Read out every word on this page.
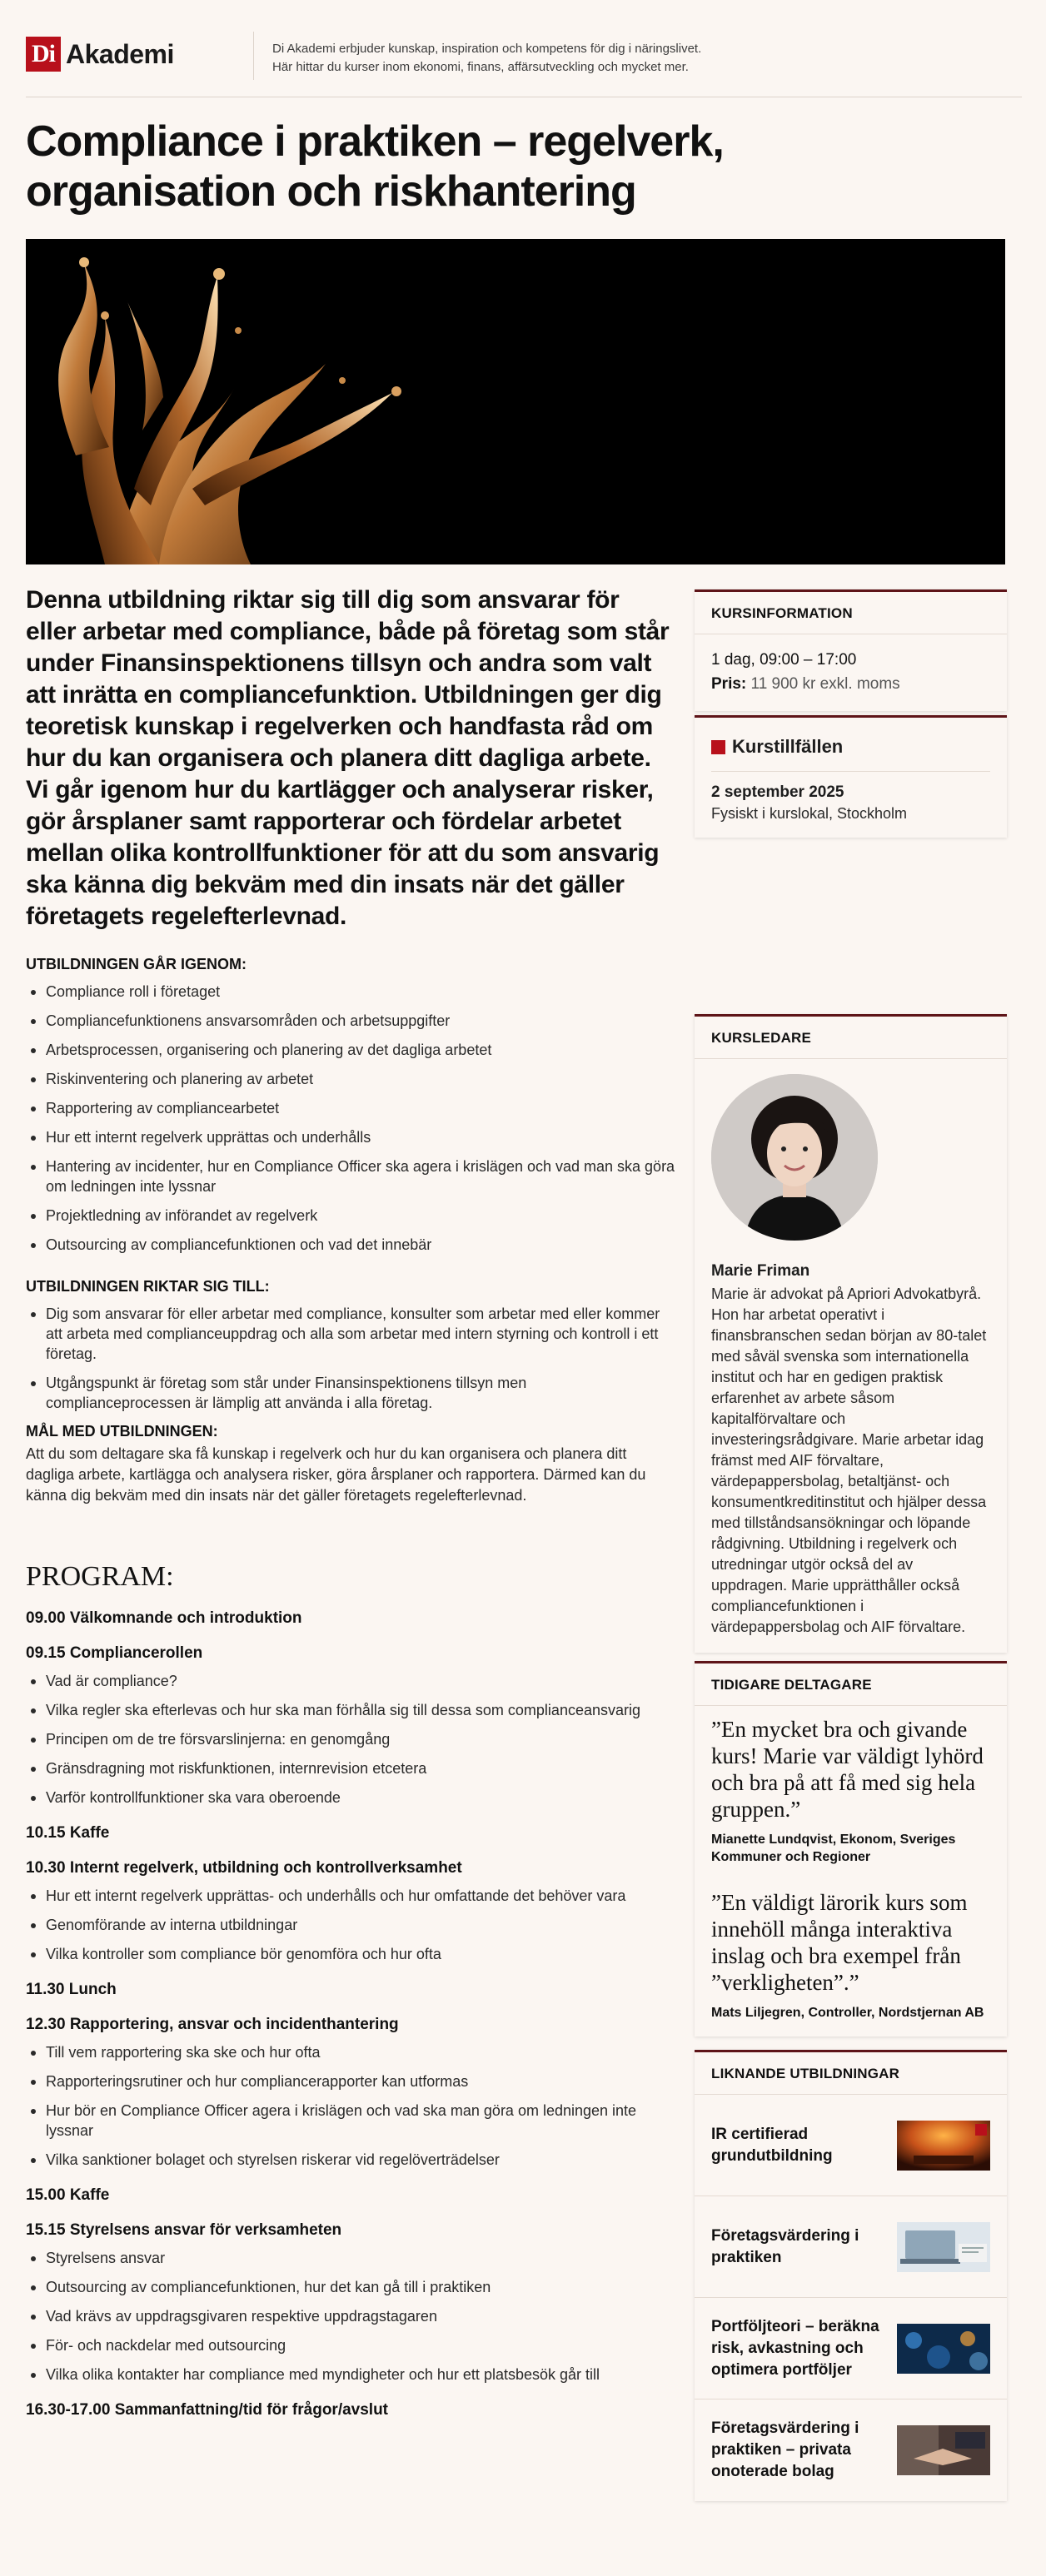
Di Akademi	Di Akademi erbjuder kunskap, inspiration och kompetens för dig i näringslivet.
Här hittar du kurser inom ekonomi, finans, affärsutveckling och mycket mer.
Compliance i praktiken – regelverk, organisation och riskhantering

Denna utbildning riktar sig till dig som ansvarar för eller arbetar med compliance, både på företag som står under Finansinspektionens tillsyn och andra som valt att inrätta en compliancefunktion. Utbildningen ger dig teoretisk kunskap i regelverken och handfasta råd om hur du kan organisera och planera ditt dagliga arbete. Vi går igenom hur du kartlägger och analyserar risker, gör årsplaner samt rapporterar och fördelar arbetet mellan olika kontrollfunktioner för att du som ansvarig ska känna dig bekväm med din insats när det gäller företagets regelefterlevnad.

UTBILDNINGEN GÅR IGENOM:
Compliance roll i företaget
Compliancefunktionens ansvarsområden och arbetsuppgifter
Arbetsprocessen, organisering och planering av det dagliga arbetet
Riskinventering och planering av arbetet
Rapportering av compliancearbetet
Hur ett internt regelverk upprättas och underhålls
Hantering av incidenter, hur en Compliance Officer ska agera i krislägen och vad man ska göra om ledningen inte lyssnar
Projektledning av införandet av regelverk
Outsourcing av compliancefunktionen och vad det innebär
UTBILDNINGEN RIKTAR SIG TILL:
Dig som ansvarar för eller arbetar med compliance, konsulter som arbetar med eller kommer att arbeta med complianceuppdrag och alla som arbetar med intern styrning och kontroll i ett företag.
Utgångspunkt är företag som står under Finansinspektionens tillsyn men complianceprocessen är lämplig att använda i alla företag.
MÅL MED UTBILDNINGEN:

Att du som deltagare ska få kunskap i regelverk och hur du kan organisera och planera ditt dagliga arbete, kartlägga och analysera risker, göra årsplaner och rapportera. Därmed kan du känna dig bekväm med din insats när det gäller företagets regelefterlevnad.

PROGRAM:
09.00 Välkomnande och introduktion
09.15 Compliancerollen
Vad är compliance?
Vilka regler ska efterlevas och hur ska man förhålla sig till dessa som complianceansvarig
Principen om de tre försvarslinjerna: en genomgång
Gränsdragning mot riskfunktionen, internrevision etcetera
Varför kontrollfunktioner ska vara oberoende
10.15 Kaffe
10.30 Internt regelverk, utbildning och kontrollverksamhet
Hur ett internt regelverk upprättas- och underhålls och hur omfattande det behöver vara
Genomförande av interna utbildningar
Vilka kontroller som compliance bör genomföra och hur ofta
11.30 Lunch
12.30 Rapportering, ansvar och incidenthantering
Till vem rapportering ska ske och hur ofta
Rapporteringsrutiner och hur compliancerapporter kan utformas
Hur bör en Compliance Officer agera i krislägen och vad ska man göra om ledningen inte lyssnar
Vilka sanktioner bolaget och styrelsen riskerar vid regelöverträdelser
15.00 Kaffe
15.15 Styrelsens ansvar för verksamheten
Styrelsens ansvar
Outsourcing av compliancefunktionen, hur det kan gå till i praktiken
Vad krävs av uppdragsgivaren respektive uppdragstagaren
För- och nackdelar med outsourcing
Vilka olika kontakter har compliance med myndigheter och hur ett platsbesök går till
16.30-17.00 Sammanfattning/tid för frågor/avslut
KURSINFORMATION
1 dag, 09:00 – 17:00
Pris: 11 900 kr exkl. moms
Kurstillfällen
2 september 2025
Fysiskt i kurslokal, Stockholm
KURSLEDARE
Marie Friman
Marie är advokat på Apriori Advokatbyrå. Hon har arbetat operativt i finansbranschen sedan början av 80-talet med såväl svenska som internationella institut och har en gedigen praktisk erfarenhet av arbete såsom kapitalförvaltare och investeringsrådgivare. Marie arbetar idag främst med AIF förvaltare, värdepappersbolag, betaltjänst- och konsumentkreditinstitut och hjälper dessa med tillståndsansökningar och löpande rådgivning. Utbildning i regelverk och utredningar utgör också del av uppdragen. Marie upprätthåller också compliancefunktionen i värdepappersbolag och AIF förvaltare.
TIDIGARE DELTAGARE
”En mycket bra och givande kurs! Marie var väldigt lyhörd och bra på att få med sig hela gruppen.”
Mianette Lundqvist, Ekonom, Sveriges Kommuner och Regioner
”En väldigt lärorik kurs som innehöll många interaktiva inslag och bra exempel från ”verkligheten”.”
Mats Liljegren, Controller, Nordstjernan AB
LIKNANDE UTBILDNINGAR
IR certifierad grundutbildning
Företagsvärdering i praktiken
Portföljteori – beräkna risk, avkastning och optimera portföljer
Företagsvärdering i praktiken – privata onoterade bolag
